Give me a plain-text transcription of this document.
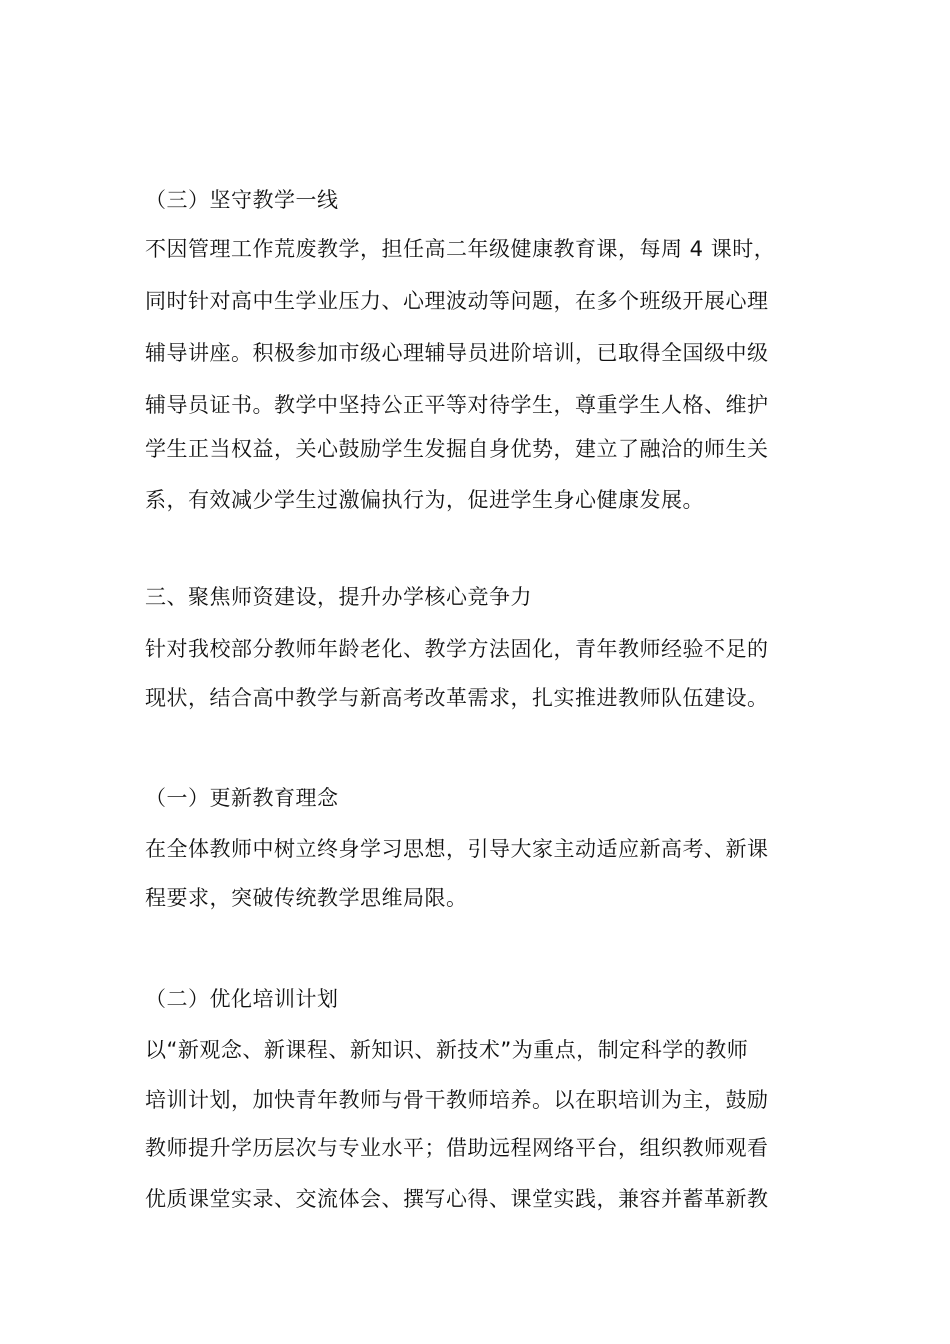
（三）坚守教学一线
不因管理工作荒废教学，担任高二年级健康教育课，每周 4 课时，
同时针对高中生学业压力、心理波动等问题，在多个班级开展心理
辅导讲座。积极参加市级心理辅导员进阶培训，已取得全国级中级
辅导员证书。教学中坚持公正平等对待学生，尊重学生人格、维护
学生正当权益，关心鼓励学生发掘自身优势，建立了融洽的师生关
系，有效减少学生过激偏执行为，促进学生身心健康发展。
三、聚焦师资建设，提升办学核心竞争力
针对我校部分教师年龄老化、教学方法固化，青年教师经验不足的
现状，结合高中教学与新高考改革需求，扎实推进教师队伍建设。
（一）更新教育理念
在全体教师中树立终身学习思想，引导大家主动适应新高考、新课
程要求，突破传统教学思维局限。
（二）优化培训计划
以“新观念、新课程、新知识、新技术”为重点，制定科学的教师
培训计划，加快青年教师与骨干教师培养。以在职培训为主，鼓励
教师提升学历层次与专业水平；借助远程网络平台，组织教师观看
优质课堂实录、交流体会、撰写心得、课堂实践，兼容并蓄革新教
